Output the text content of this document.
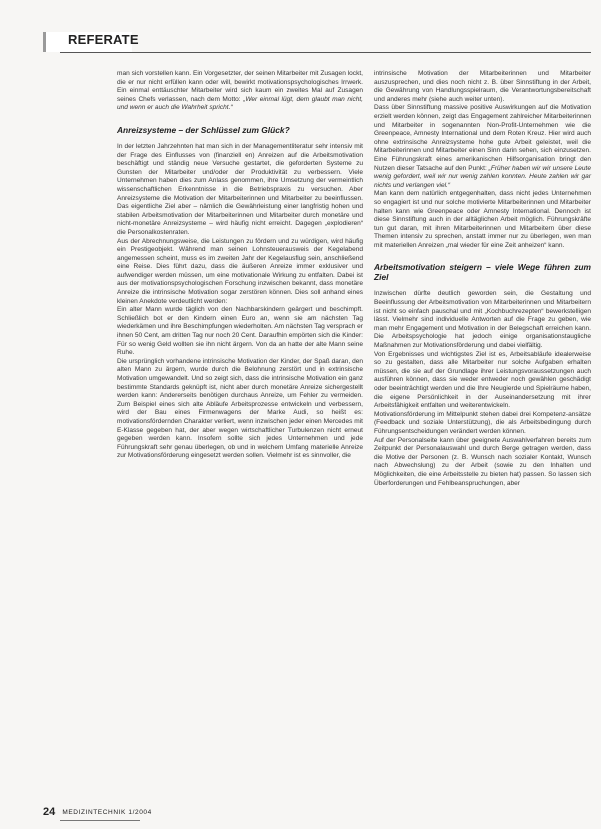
REFERATE

man sich vorstellen kann. Ein Vorgesetzter, der seinen Mitarbeiter mit Zusagen lockt, die er nur nicht erfüllen kann oder will, bewirkt motivationspsychologisches Irrwerk. Ein einmal enttäuschter Mitarbeiter wird sich kaum ein zweites Mal auf Zusagen seines Chefs verlassen, nach dem Motto: „Wer einmal lügt, dem glaubt man nicht, und wenn er auch die Wahrheit spricht.“

Anreizsysteme – der Schlüssel zum Glück?

In der letzten Jahrzehnten hat man sich in der Managementliteratur sehr intensiv mit der Frage des Einflusses von (finanziell en) Anreizen auf die Arbeitsmotivation beschäftigt und ständig neue Versuche gestartet, die geforderten Systeme zu Gunsten der Mitarbeiter und/oder der Produktivität zu verbessern. Viele Unternehmen haben dies zum Anlass genommen, ihre Umsetzung der vermeintlich wissenschaftlichen Erkenntnisse in die Betriebspraxis zu versuchen. Aber Anreizsysteme die Motivation der Mitarbeiterinnen und Mitarbeiter zu beeinflussen. Das eigentliche Ziel aber – nämlich die Gewährleistung einer langfristig hohen und stabilen Arbeitsmotivation der Mitarbeiterinnen und Mitarbeiter durch monetäre und nicht-monetäre Anreizsysteme – wird häufig nicht erreicht. Dagegen „explodieren“ die Personalkostenraten.

Aus der Abrechnungsweise, die Leistungen zu fördern und zu würdigen, wird häufig ein Prestigeobjekt. Während man seinen Lohnsteuerausweis der Kegelabend angemessen scheint, muss es im zweiten Jahr der Kegelausflug sein, anschließend eine Reise. Dies führt dazu, dass die äußeren Anreize immer exklusiver und aufwendiger werden müssen, um eine motivationale Wirkung zu entfalten. Dabei ist aus der motivationspsychologischen Forschung inzwischen bekannt, dass monetäre Anreize die intrinsische Motivation sogar zerstören können. Dies soll anhand eines kleinen Anekdote verdeutlicht werden:

Ein alter Mann wurde täglich von den Nachbarskindern geärgert und beschimpft. Schließlich bot er den Kindern einen Euro an, wenn sie am nächsten Tag wiederkämen und ihre Beschimpfungen wiederholten. Am nächsten Tag versprach er ihnen 50 Cent, am dritten Tag nur noch 20 Cent. Daraufhin empörten sich die Kinder: Für so wenig Geld wollten sie ihn nicht ärgern. Von da an hatte der alte Mann seine Ruhe.

Die ursprünglich vorhandene intrinsische Motivation der Kinder, der Spaß daran, den alten Mann zu ärgern, wurde durch die Belohnung zerstört und in extrinsische Motivation umgewandelt. Und so zeigt sich, dass die intrinsische Motivation ein ganz bestimmte Standards geknüpft ist, nicht aber durch monetäre Anreize sichergestellt werden kann: Andererseits benötigen durchaus Anreize, um Fehler zu vermeiden. Zum Beispiel eines sich alte Abläufe Arbeitsprozesse entwickeln und verbessern, wird der Bau eines Firmenwagens der Marke Audi, so heißt es: motivationsfördernden Charakter verliert, wenn inzwischen jeder einen Mercedes mit E-Klasse gegeben hat, der aber wegen wirtschaftlicher Turbulenzen nicht erneut gegeben werden kann. Insofern sollte sich jedes Unternehmen und jede Führungskraft sehr genau überlegen, ob und in welchem Umfang materielle Anreize zur Motivationsförderung eingesetzt werden sollen. Vielmehr ist es sinnvoller, die

intrinsische Motivation der Mitarbeiterinnen und Mitarbeiter auszusprechen, und dies noch nicht z. B. über Sinnstiftung in der Arbeit, die Gewährung von Handlungsspielraum, die Verantwortungsbereitschaft und anderes mehr (siehe auch weiter unten).

Dass über Sinnstiftung massive positive Auswirkungen auf die Motivation erzielt werden können, zeigt das Engagement zahlreicher Mitarbeiterinnen und Mitarbeiter in sogenannten Non-Profit-Unternehmen wie die Greenpeace, Amnesty International und dem Roten Kreuz. Hier wird auch ohne extrinsische Anreizsysteme hohe gute Arbeit geleistet, weil die Mitarbeiterinnen und Mitarbeiter einen Sinn darin sehen, sich einzusetzen. Eine Führungskraft eines amerikanischen Hilfsorganisation bringt den Nutzen dieser Tatsache auf den Punkt: „Früher haben wir wir unsere Leute wenig gefordert, weil wir nur wenig zahlen konnten. Heute zahlen wir gar nichts und verlangen viel.“

Man kann dem natürlich entgegenhalten, dass nicht jedes Unternehmen so engagiert ist und nur solche motivierte Mitarbeiterinnen und Mitarbeiter halten kann wie Greenpeace oder Amnesty International. Dennoch ist diese Sinnstiftung auch in der alltäglichen Arbeit möglich. Führungskräfte tun gut daran, mit ihren Mitarbeiterinnen und Mitarbeitern über diese Themen intensiv zu sprechen, anstatt immer nur zu überlegen, wen man mit materiellen Anreizen „mal wieder für eine Zeit anheizen“ kann.

Arbeitsmotivation steigern – viele Wege führen zum Ziel

Inzwischen dürfte deutlich geworden sein, die Gestaltung und Beeinflussung der Arbeitsmotivation von Mitarbeiterinnen und Mitarbeitern ist nicht so einfach pauschal und mit „Kochbuchrezepten“ bewerkstelligen lässt. Vielmehr sind individuelle Antworten auf die Frage zu geben, wie man mehr Engagement und Motivation in der Belegschaft erreichen kann. Die Arbeitspsychologie hat jedoch einige organisationstaugliche Maßnahmen zur Motivationsförderung und dabei vielfältig.

Von Ergebnisses und wichtigstes Ziel ist es, Arbeitsabläufe idealerweise so zu gestalten, dass alle Mitarbeiter nur solche Aufgaben erhalten müssen, die sie auf der Grundlage ihrer Leistungsvoraussetzungen auch ausführen können, dass sie weder entweder noch gewählen geschädigt oder beeinträchtigt werden und die Ihre Neugierde und Spielräume haben, die eigene Persönlichkeit in der Auseinandersetzung mit ihrer Arbeitsfähigkeit entfalten und weiterentwickeln.

Motivationsförderung im Mittelpunkt stehen dabei drei Kompetenz-ansätze (Feedback und soziale Unterstützung), die als Arbeitsbedingung durch Führungsentscheidungen verändert werden können.

Auf der Personalseite kann über geeignete Auswahlverfahren bereits zum Zeitpunkt der Personalauswahl und durch Berge getragen werden, dass die Motive der Personen (z. B. Wunsch nach sozialer Kontakt, Wunsch nach Abwechslung) zu der Arbeit (sowie zu den Inhalten und Möglichkeiten, die eine Arbeitsstelle zu bieten hat) passen. So lassen sich Überforderungen und Fehlbeanspruchungen, aber

24 MEDIZINTECHNIK 1/2004
